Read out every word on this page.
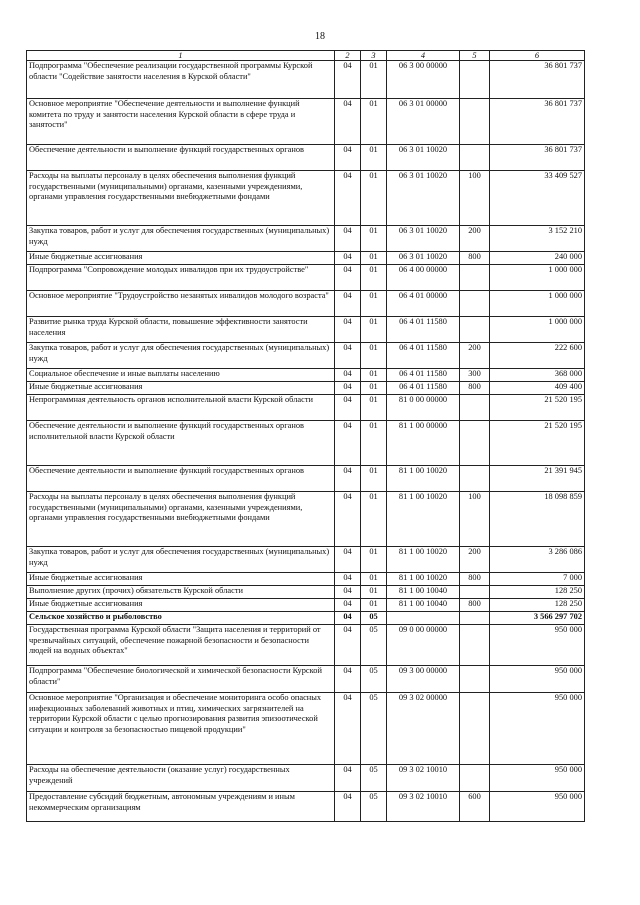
18
1	2	3	4	5	6
Подпрограмма "Обеспечение реализации государственной программы Курской области "Содействие занятости населения в Курской области"	04	01	06 3 00 00000		36 801 737
Основное мероприятие "Обеспечение деятельности и выполнение функций комитета по труду и занятости населения Курской области в сфере труда и занятости"	04	01	06 3 01 00000		36 801 737
Обеспечение деятельности и выполнение функций государственных органов	04	01	06 3 01 10020		36 801 737
Расходы на выплаты персоналу в целях обеспечения выполнения функций государственными (муниципальными) органами, казенными учреждениями, органами управления государственными внебюджетными фондами	04	01	06 3 01 10020	100	33 409 527
Закупка товаров, работ и услуг для обеспечения государственных (муниципальных) нужд	04	01	06 3 01 10020	200	3 152 210
Иные бюджетные ассигнования	04	01	06 3 01 10020	800	240 000
Подпрограмма "Сопровождение молодых инвалидов при их трудоустройстве"	04	01	06 4 00 00000		1 000 000
Основное мероприятие "Трудоустройство незанятых инвалидов молодого возраста"	04	01	06 4 01 00000		1 000 000
Развитие рынка труда Курской области, повышение эффективности занятости населения	04	01	06 4 01 11580		1 000 000
Закупка товаров, работ и услуг для обеспечения государственных (муниципальных) нужд	04	01	06 4 01 11580	200	222 600
Социальное обеспечение и иные выплаты населению	04	01	06 4 01 11580	300	368 000
Иные бюджетные ассигнования	04	01	06 4 01 11580	800	409 400
Непрограммная деятельность органов исполнительной власти Курской области	04	01	81 0 00 00000		21 520 195
Обеспечение деятельности и выполнение функций государственных органов исполнительной власти Курской области	04	01	81 1 00 00000		21 520 195
Обеспечение деятельности и выполнение функций государственных органов	04	01	81 1 00 10020		21 391 945
Расходы на выплаты персоналу в целях обеспечения выполнения функций государственными (муниципальными) органами, казенными учреждениями, органами управления государственными внебюджетными фондами	04	01	81 1 00 10020	100	18 098 859
Закупка товаров, работ и услуг для обеспечения государственных (муниципальных) нужд	04	01	81 1 00 10020	200	3 286 086
Иные бюджетные ассигнования	04	01	81 1 00 10020	800	7 000
Выполнение других (прочих) обязательств Курской области	04	01	81 1 00 10040		128 250
Иные бюджетные ассигнования	04	01	81 1 00 10040	800	128 250
Сельское хозяйство и рыболовство	04	05			3 566 297 702
Государственная программа Курской области "Защита населения и территорий от чрезвычайных ситуаций, обеспечение пожарной безопасности и безопасности людей на водных объектах"	04	05	09 0 00 00000		950 000
Подпрограмма "Обеспечение биологической и химической безопасности Курской области"	04	05	09 3 00 00000		950 000
Основное мероприятие "Организация и обеспечение мониторинга особо опасных инфекционных заболеваний животных и птиц, химических загрязнителей на территории Курской области с целью прогнозирования развития эпизоотической ситуации и контроля за безопасностью пищевой продукции"	04	05	09 3 02 00000		950 000
Расходы на обеспечение деятельности (оказание услуг) государственных учреждений	04	05	09 3 02 10010		950 000
Предоставление субсидий бюджетным, автономным учреждениям и иным некоммерческим организациям	04	05	09 3 02 10010	600	950 000
